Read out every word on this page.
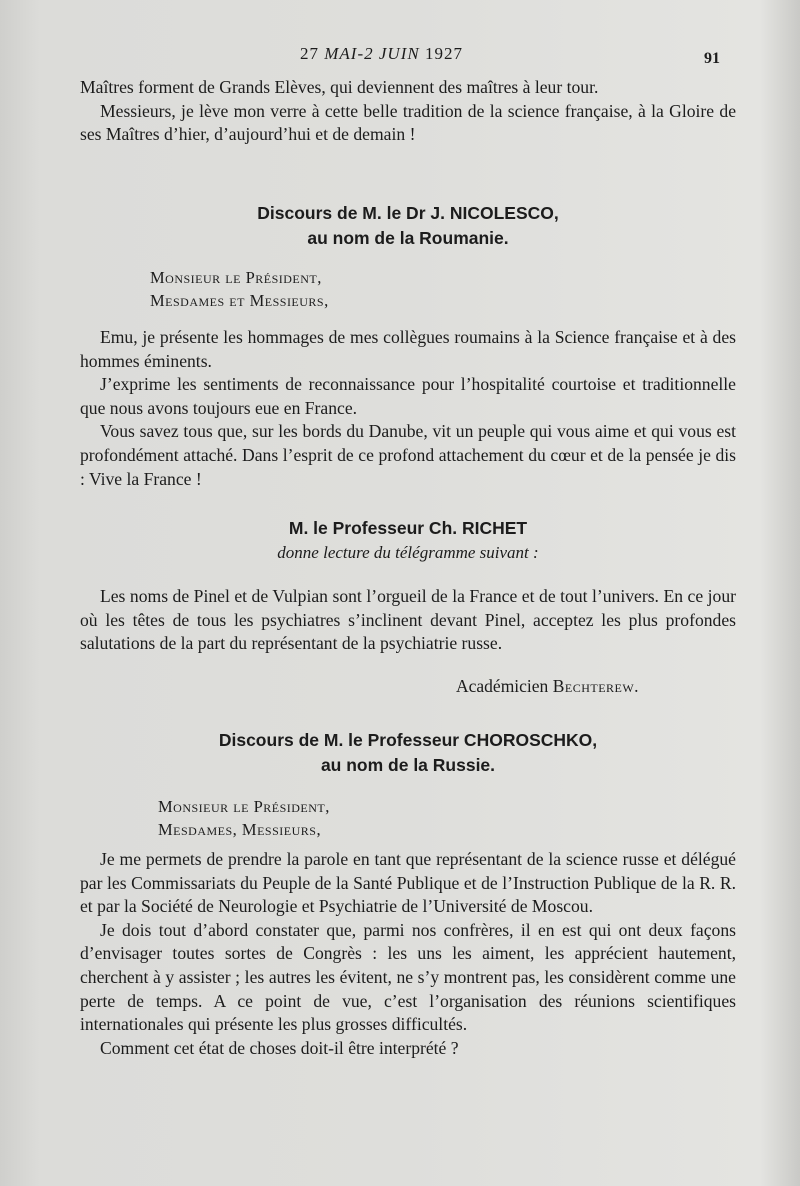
27 MAI-2 JUIN 1927	91

Maîtres forment de Grands Elèves, qui deviennent des maîtres à leur tour.

Messieurs, je lève mon verre à cette belle tradition de la science française, à la Gloire de ses Maîtres d’hier, d’aujourd’hui et de demain !

Discours de M. le Dr J. NICOLESCO,
au nom de la Roumanie.
Monsieur le Président,
Mesdames et Messieurs,

Emu, je présente les hommages de mes collègues roumains à la Science française et à des hommes éminents.

J’exprime les sentiments de reconnaissance pour l’hospitalité courtoise et traditionnelle que nous avons toujours eue en France.

Vous savez tous que, sur les bords du Danube, vit un peuple qui vous aime et qui vous est profondément attaché. Dans l’esprit de ce profond attachement du cœur et de la pensée je dis : Vive la France !

M. le Professeur Ch. RICHET
donne lecture du télégramme suivant :

Les noms de Pinel et de Vulpian sont l’orgueil de la France et de tout l’univers. En ce jour où les têtes de tous les psychiatres s’inclinent devant Pinel, acceptez les plus profondes salutations de la part du représentant de la psychiatrie russe.

Académicien Bechterew.
Discours de M. le Professeur CHOROSCHKO,
au nom de la Russie.
Monsieur le Président,
Mesdames, Messieurs,

Je me permets de prendre la parole en tant que représentant de la science russe et délégué par les Commissariats du Peuple de la Santé Publique et de l’Instruction Publique de la R. R. et par la Société de Neurologie et Psychiatrie de l’Université de Moscou.

Je dois tout d’abord constater que, parmi nos confrères, il en est qui ont deux façons d’envisager toutes sortes de Congrès : les uns les aiment, les apprécient hautement, cherchent à y assister ; les autres les évitent, ne s’y montrent pas, les considèrent comme une perte de temps. A ce point de vue, c’est l’organisation des réunions scientifiques internationales qui présente les plus grosses difficultés.

Comment cet état de choses doit-il être interprété ?
